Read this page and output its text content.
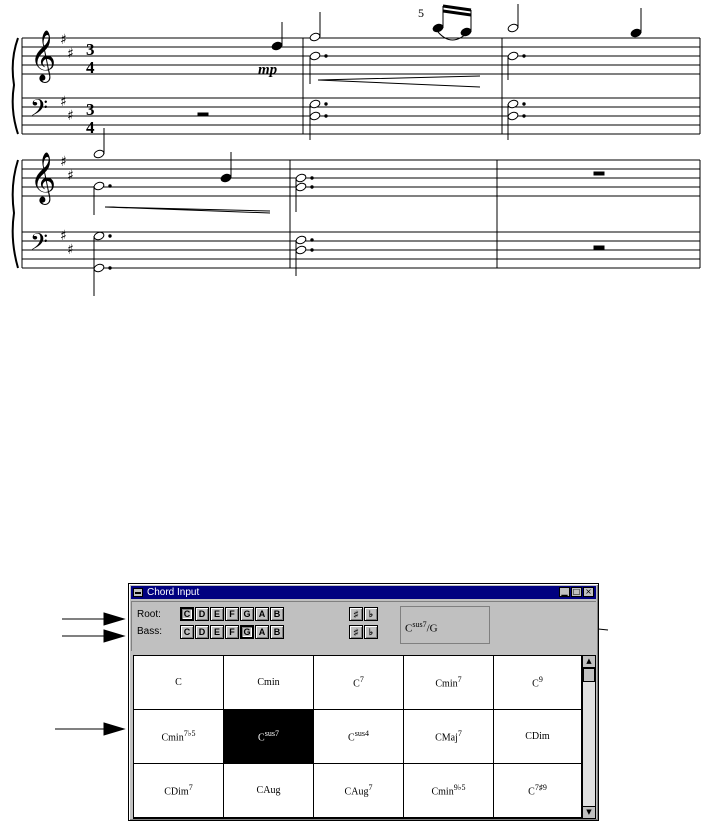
𝄞
𝄞
𝄢
𝄢
♯
♯
♯
♯
♯
♯
♯
♯
3
4
3
4
mp
5
Chord Input	▁ □ ×
Root:
Bass:
C D E	F G A B
C D E	F G A B
♯	♭
♯	♭	$C^{sus7}/G$
C	Cmin	$C^7$	Cmin$^7$	$C^9$
Cmin$^{7♭5}$	$C^{sus7}$	$C^{sus4}$	CMaj$^7$	CDim
CDim$^7$	CAug	CAug$^7$	Cmin$^{9♭5}$	$C^{7♯9}$
▲
▼
